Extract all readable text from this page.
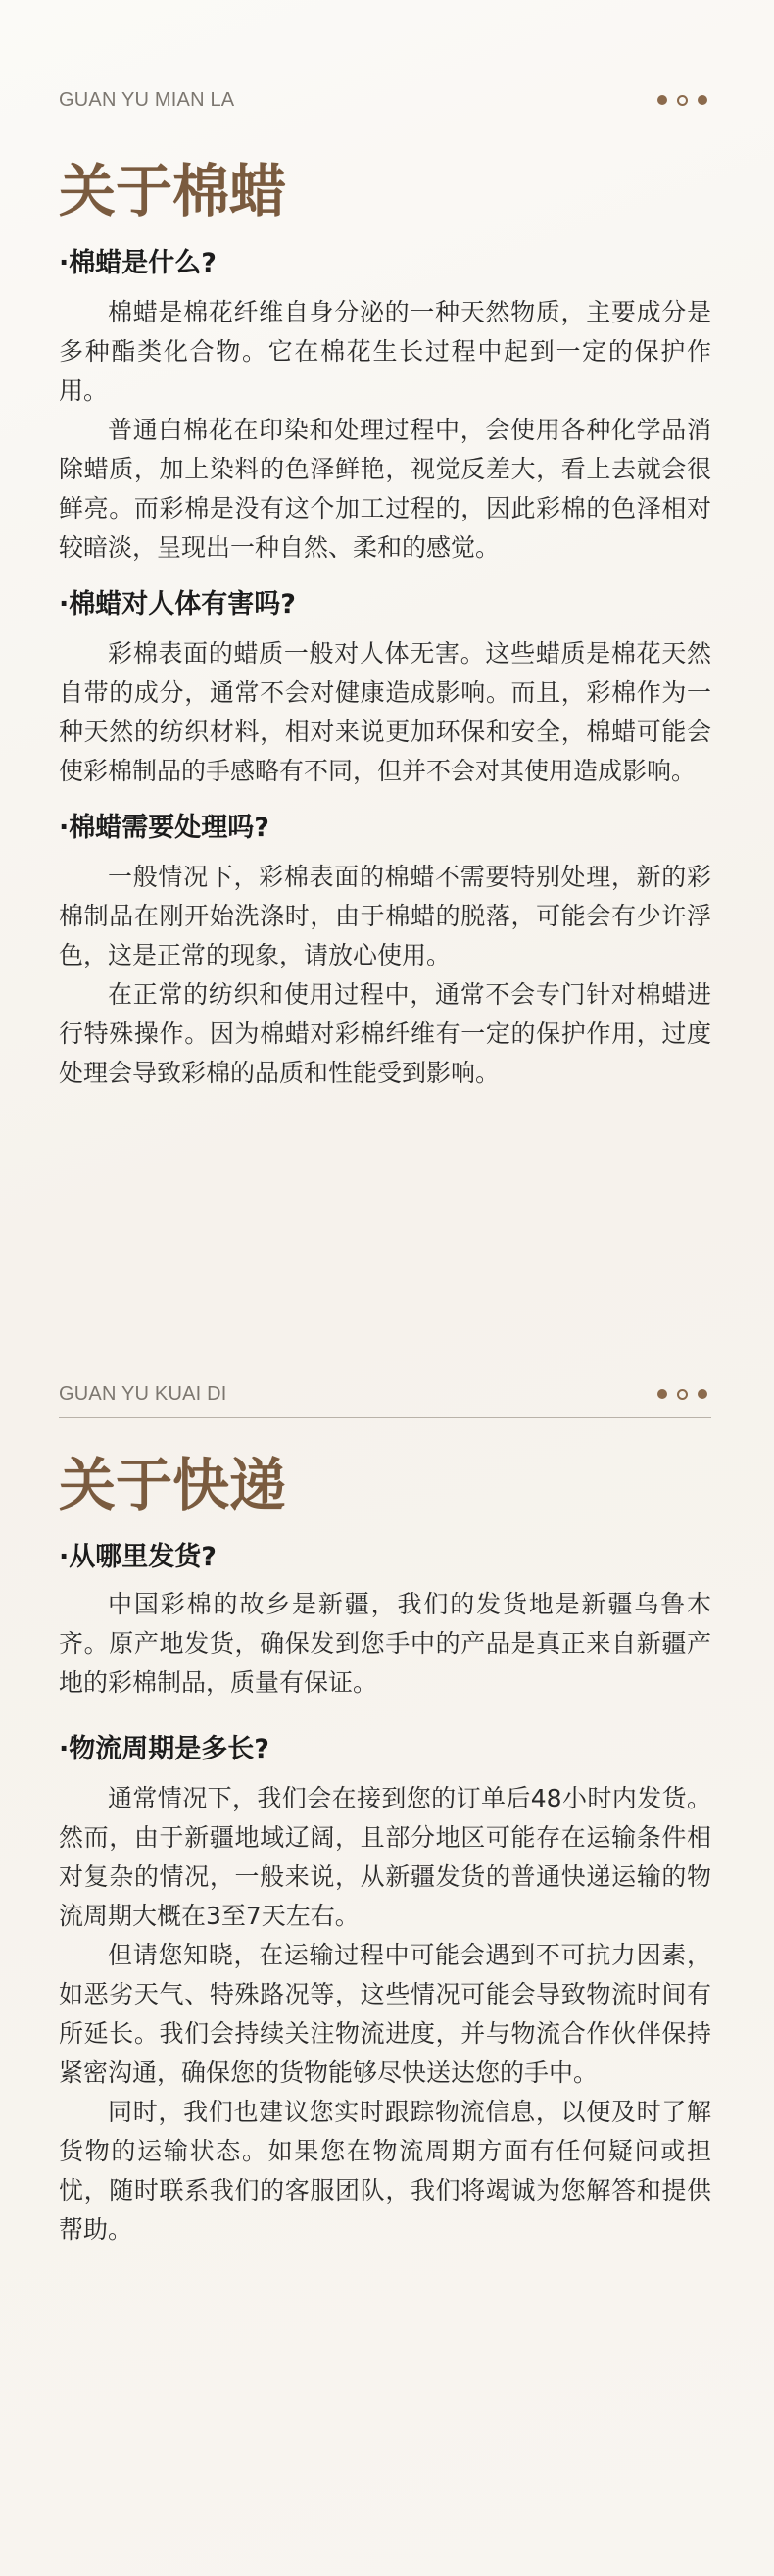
GUAN YU MIAN LA
关于棉蜡
·棉蜡是什么?

棉蜡是棉花纤维自身分泌的一种天然物质，主要成分是多种酯类化合物。它在棉花生长过程中起到一定的保护作用。

普通白棉花在印染和处理过程中，会使用各种化学品消除蜡质，加上染料的色泽鲜艳，视觉反差大，看上去就会很鲜亮。而彩棉是没有这个加工过程的，因此彩棉的色泽相对较暗淡，呈现出一种自然、柔和的感觉。

·棉蜡对人体有害吗?

彩棉表面的蜡质一般对人体无害。这些蜡质是棉花天然自带的成分，通常不会对健康造成影响。而且，彩棉作为一种天然的纺织材料，相对来说更加环保和安全，棉蜡可能会使彩棉制品的手感略有不同，但并不会对其使用造成影响。

·棉蜡需要处理吗?

一般情况下，彩棉表面的棉蜡不需要特别处理，新的彩棉制品在刚开始洗涤时，由于棉蜡的脱落，可能会有少许浮色，这是正常的现象，请放心使用。

在正常的纺织和使用过程中，通常不会专门针对棉蜡进行特殊操作。因为棉蜡对彩棉纤维有一定的保护作用，过度处理会导致彩棉的品质和性能受到影响。

GUAN YU KUAI DI
关于快递
·从哪里发货?

中国彩棉的故乡是新疆，我们的发货地是新疆乌鲁木齐。原产地发货，确保发到您手中的产品是真正来自新疆产地的彩棉制品，质量有保证。

·物流周期是多长?

通常情况下，我们会在接到您的订单后48小时内发货。然而，由于新疆地域辽阔，且部分地区可能存在运输条件相对复杂的情况，一般来说，从新疆发货的普通快递运输的物流周期大概在3至7天左右。

但请您知晓，在运输过程中可能会遇到不可抗力因素，如恶劣天气、特殊路况等，这些情况可能会导致物流时间有所延长。我们会持续关注物流进度，并与物流合作伙伴保持紧密沟通，确保您的货物能够尽快送达您的手中。

同时，我们也建议您实时跟踪物流信息，以便及时了解货物的运输状态。如果您在物流周期方面有任何疑问或担忧，随时联系我们的客服团队，我们将竭诚为您解答和提供帮助。
